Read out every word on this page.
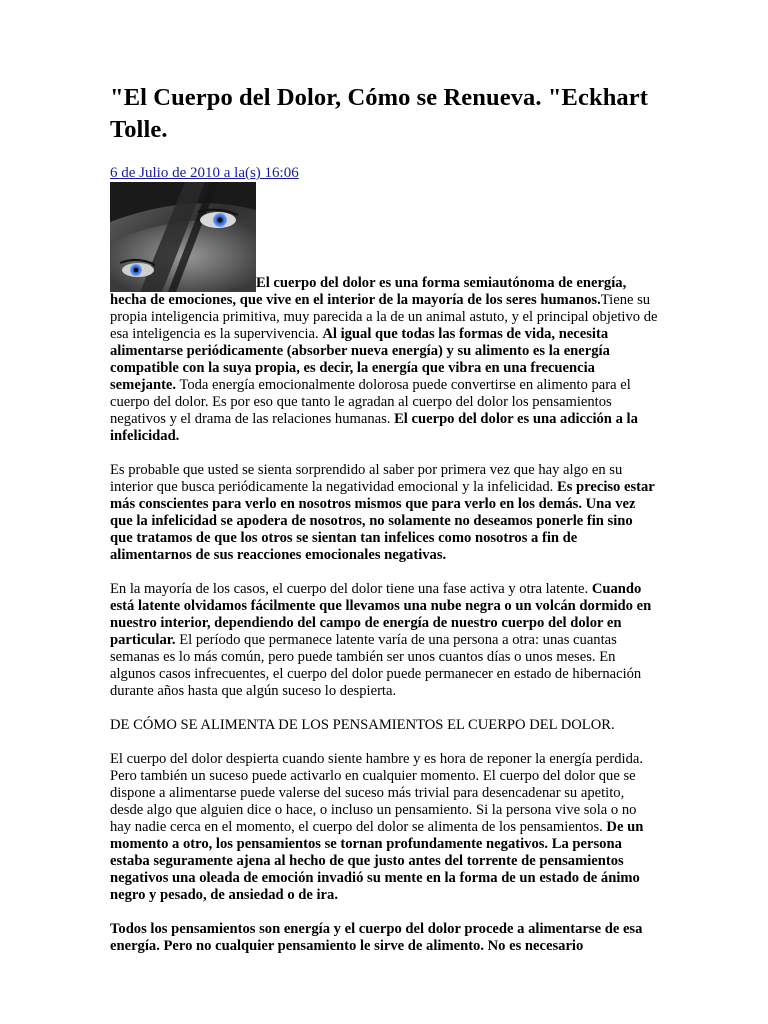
"El Cuerpo del Dolor, Cómo se Renueva. "Eckhart Tolle.
6 de Julio de 2010 a la(s) 16:06

El cuerpo del dolor es una forma semiautónoma de energía, hecha de emociones, que vive en el interior de la mayoría de los seres humanos.Tiene su propia inteligencia primitiva, muy parecida a la de un animal astuto, y el principal objetivo de esa inteligencia es la supervivencia. Al igual que todas las formas de vida, necesita alimentarse periódicamente (absorber nueva energía) y su alimento es la energía compatible con la suya propia, es decir, la energía que vibra en una frecuencia semejante. Toda energía emocionalmente dolorosa puede convertirse en alimento para el cuerpo del dolor. Es por eso que tanto le agradan al cuerpo del dolor los pensamientos negativos y el drama de las relaciones humanas. El cuerpo del dolor es una adicción a la infelicidad.

Es probable que usted se sienta sorprendido al saber por primera vez que hay algo en su interior que busca periódicamente la negatividad emocional y la infelicidad. Es preciso estar más conscientes para verlo en nosotros mismos que para verlo en los demás. Una vez que la infelicidad se apodera de nosotros, no solamente no deseamos ponerle fin sino que tratamos de que los otros se sientan tan infelices como nosotros a fin de alimentarnos de sus reacciones emocionales negativas.

En la mayoría de los casos, el cuerpo del dolor tiene una fase activa y otra latente. Cuando está latente olvidamos fácilmente que llevamos una nube negra o un volcán dormido en nuestro interior, dependiendo del campo de energía de nuestro cuerpo del dolor en particular. El período que permanece latente varía de una persona a otra: unas cuantas semanas es lo más común, pero puede también ser unos cuantos días o unos meses. En algunos casos infrecuentes, el cuerpo del dolor puede permanecer en estado de hibernación durante años hasta que algún suceso lo despierta.

DE CÓMO SE ALIMENTA DE LOS PENSAMIENTOS EL CUERPO DEL DOLOR.

El cuerpo del dolor despierta cuando siente hambre y es hora de reponer la energía perdida. Pero también un suceso puede activarlo en cualquier momento. El cuerpo del dolor que se dispone a alimentarse puede valerse del suceso más trivial para desencadenar su apetito, desde algo que alguien dice o hace, o incluso un pensamiento. Si la persona vive sola o no hay nadie cerca en el momento, el cuerpo del dolor se alimenta de los pensamientos. De un momento a otro, los pensamientos se tornan profundamente negativos. La persona estaba seguramente ajena al hecho de que justo antes del torrente de pensamientos negativos una oleada de emoción invadió su mente en la forma de un estado de ánimo negro y pesado, de ansiedad o de ira.

Todos los pensamientos son energía y el cuerpo del dolor procede a alimentarse de esa energía. Pero no cualquier pensamiento le sirve de alimento. No es necesario
